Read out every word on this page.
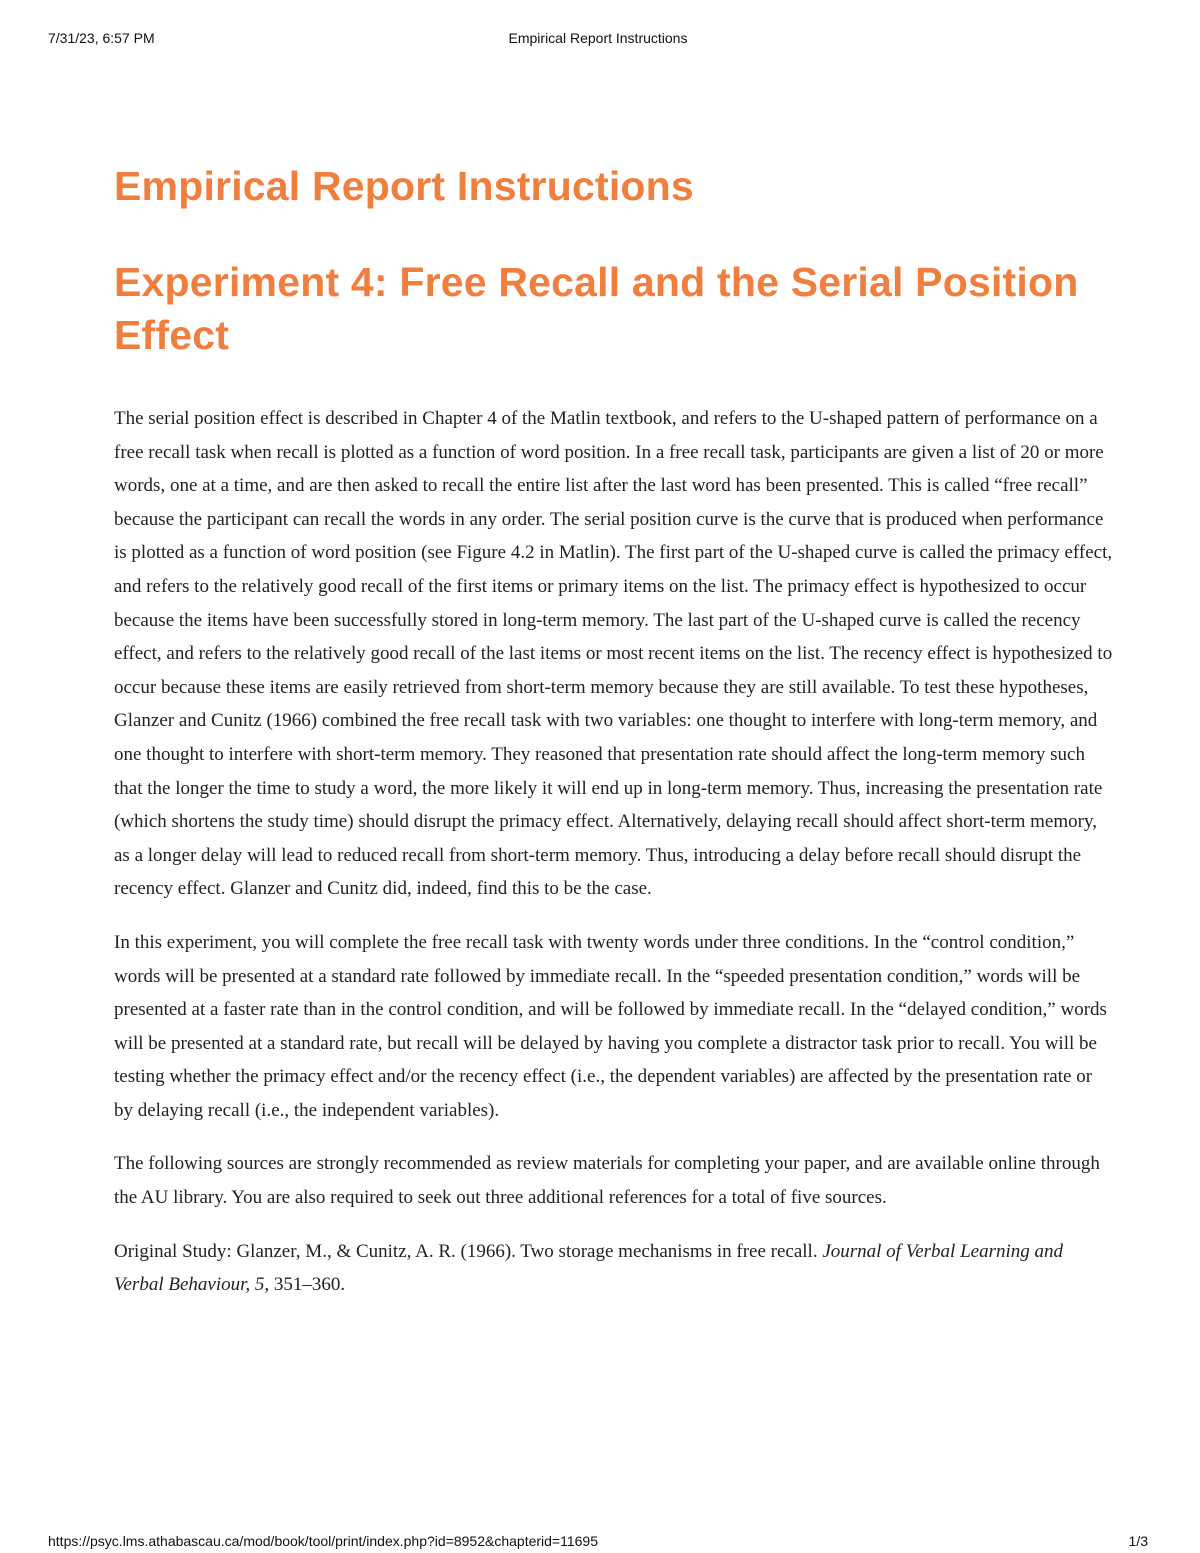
7/31/23, 6:57 PM	Empirical Report Instructions
Empirical Report Instructions
Experiment 4: Free Recall and the Serial Position Effect

The serial position effect is described in Chapter 4 of the Matlin textbook, and refers to the U-shaped pattern of performance on a free recall task when recall is plotted as a function of word position. In a free recall task, participants are given a list of 20 or more words, one at a time, and are then asked to recall the entire list after the last word has been presented. This is called “free recall” because the participant can recall the words in any order. The serial position curve is the curve that is produced when performance is plotted as a function of word position (see Figure 4.2 in Matlin). The first part of the U-shaped curve is called the primacy effect, and refers to the relatively good recall of the first items or primary items on the list. The primacy effect is hypothesized to occur because the items have been successfully stored in long-term memory. The last part of the U-shaped curve is called the recency effect, and refers to the relatively good recall of the last items or most recent items on the list. The recency effect is hypothesized to occur because these items are easily retrieved from short-term memory because they are still available. To test these hypotheses, Glanzer and Cunitz (1966) combined the free recall task with two variables: one thought to interfere with long-term memory, and one thought to interfere with short-term memory. They reasoned that presentation rate should affect the long-term memory such that the longer the time to study a word, the more likely it will end up in long-term memory. Thus, increasing the presentation rate (which shortens the study time) should disrupt the primacy effect. Alternatively, delaying recall should affect short-term memory, as a longer delay will lead to reduced recall from short-term memory. Thus, introducing a delay before recall should disrupt the recency effect. Glanzer and Cunitz did, indeed, find this to be the case.

In this experiment, you will complete the free recall task with twenty words under three conditions. In the “control condition,” words will be presented at a standard rate followed by immediate recall. In the “speeded presentation condition,” words will be presented at a faster rate than in the control condition, and will be followed by immediate recall. In the “delayed condition,” words will be presented at a standard rate, but recall will be delayed by having you complete a distractor task prior to recall. You will be testing whether the primacy effect and/or the recency effect (i.e., the dependent variables) are affected by the presentation rate or by delaying recall (i.e., the independent variables).

The following sources are strongly recommended as review materials for completing your paper, and are available online through the AU library. You are also required to seek out three additional references for a total of five sources.

Original Study: Glanzer, M., & Cunitz, A. R. (1966). Two storage mechanisms in free recall. Journal of Verbal Learning and Verbal Behaviour, 5, 351–360.

https://psyc.lms.athabascau.ca/mod/book/tool/print/index.php?id=8952&chapterid=11695	1/3
